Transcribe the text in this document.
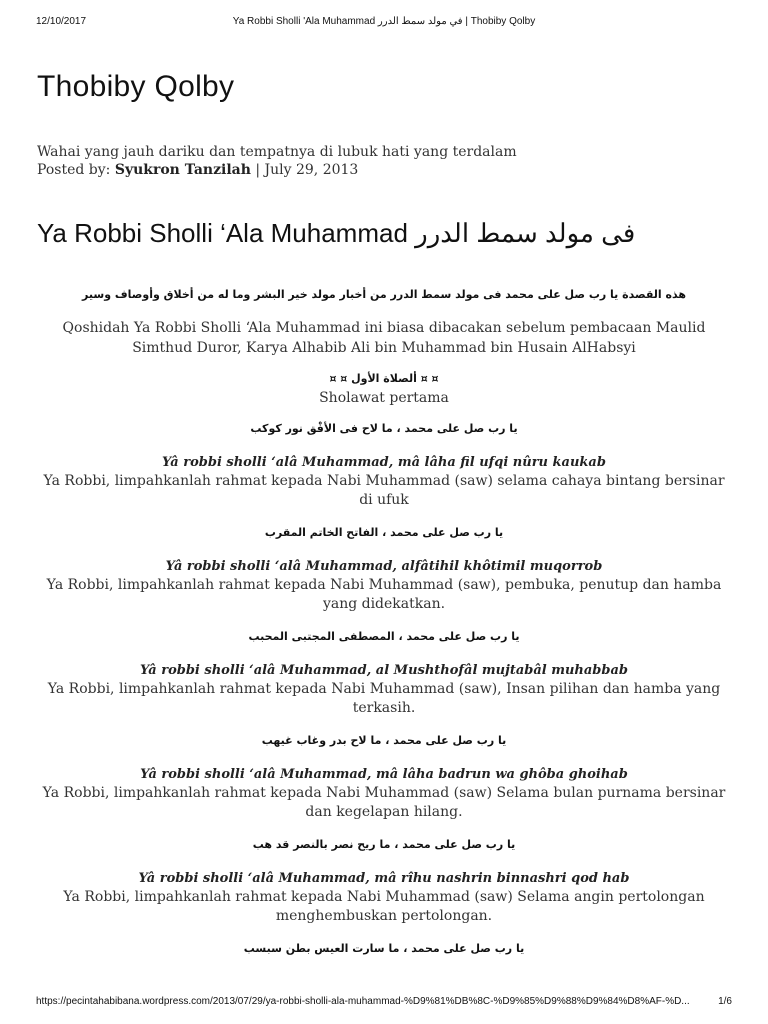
12/10/2017	Ya Robbi Sholli 'Ala Muhammad في مولد سمط الدرر | Thobiby Qolby
Thobiby Qolby
Wahai yang jauh dariku dan tempatnya di lubuk hati yang terdalam
Posted by: Syukron Tanzilah | July 29, 2013
Ya Robbi Sholli ‘Ala Muhammad فى مولد سمط الدرر

هذه القصدة يا رب صل على محمد فى مولد سمط الدرر من أخبار مولد خير البشر وما له من أخلاق وأوصاف وسير

Qoshidah Ya Robbi Sholli ‘Ala Muhammad ini biasa dibacakan sebelum pembacaan Maulid Simthud Duror, Karya Alhabib Ali bin Muhammad bin Husain AlHabsyi

¤ ¤ ألصلاة الأول ¤ ¤

Sholawat pertama

يا رب صل على محمد ، ما لاح فى الأفْق نور كوكب

Yâ robbi sholli ‘alâ Muhammad, mâ lâha fil ufqi nûru kaukab

Ya Robbi, limpahkanlah rahmat kepada Nabi Muhammad (saw) selama cahaya bintang bersinar di ufuk

يا رب صل على محمد ، الفاتح الخاتم المقرب

Yâ robbi sholli ‘alâ Muhammad, alfâtihil khôtimil muqorrob

Ya Robbi, limpahkanlah rahmat kepada Nabi Muhammad (saw), pembuka, penutup dan hamba yang didekatkan.

يا رب صل على محمد ، المصطفى المجتبى المحبب

Yâ robbi sholli ‘alâ Muhammad, al Mushthofâl mujtabâl muhabbab

Ya Robbi, limpahkanlah rahmat kepada Nabi Muhammad (saw), Insan pilihan dan hamba yang terkasih.

يا رب صل على محمد ، ما لاح بدر وغاب غيهب

Yâ robbi sholli ‘alâ Muhammad, mâ lâha badrun wa ghôba ghoihab

Ya Robbi, limpahkanlah rahmat kepada Nabi Muhammad (saw) Selama bulan purnama bersinar dan kegelapan hilang.

يا رب صل على محمد ، ما ريح نصر بالنصر قد هب

Yâ robbi sholli ‘alâ Muhammad, mâ rîhu nashrin binnashri qod hab

Ya Robbi, limpahkanlah rahmat kepada Nabi Muhammad (saw) Selama angin pertolongan menghembuskan pertolongan.

يا رب صل على محمد ، ما سارت العيس بطن سبسب

https://pecintahabibana.wordpress.com/2013/07/29/ya-robbi-sholli-ala-muhammad-%D9%81%DB%8C-%D9%85%D9%88%D9%84%D8%AF-%D...	1/6
